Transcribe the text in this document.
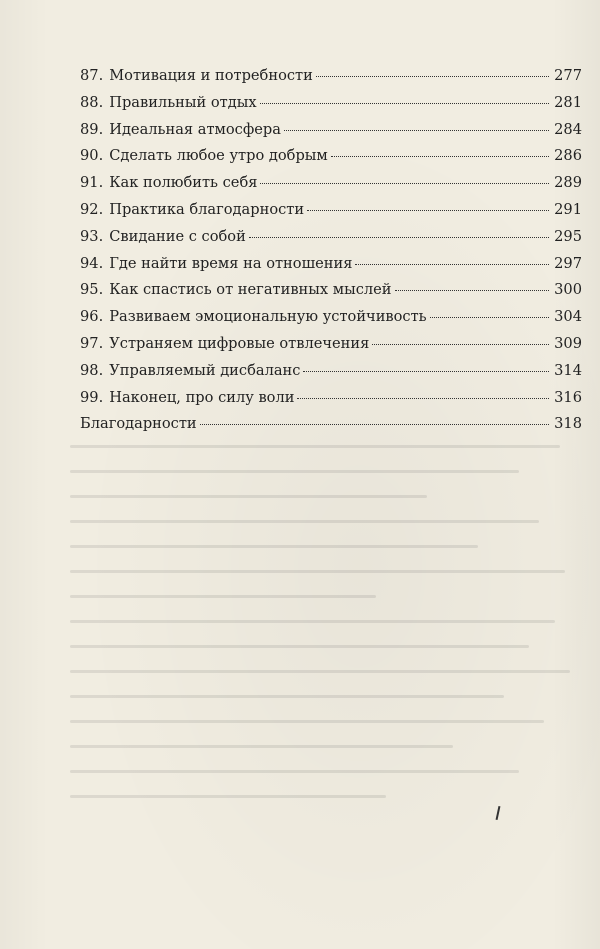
87. Мотивация и потребности	277
88. Правильный отдых	281
89. Идеальная атмосфера	284
90. Сделать любое утро добрым	286
91. Как полюбить себя	289
92. Практика благодарности	291
93. Свидание с собой	295
94. Где найти время на отношения	297
95. Как спастись от негативных мыслей	300
96. Развиваем эмоциональную устойчивость	304
97. Устраняем цифровые отвлечения	309
98. Управляемый дисбаланс	314
99. Наконец, про силу воли	316
Благодарности	318
